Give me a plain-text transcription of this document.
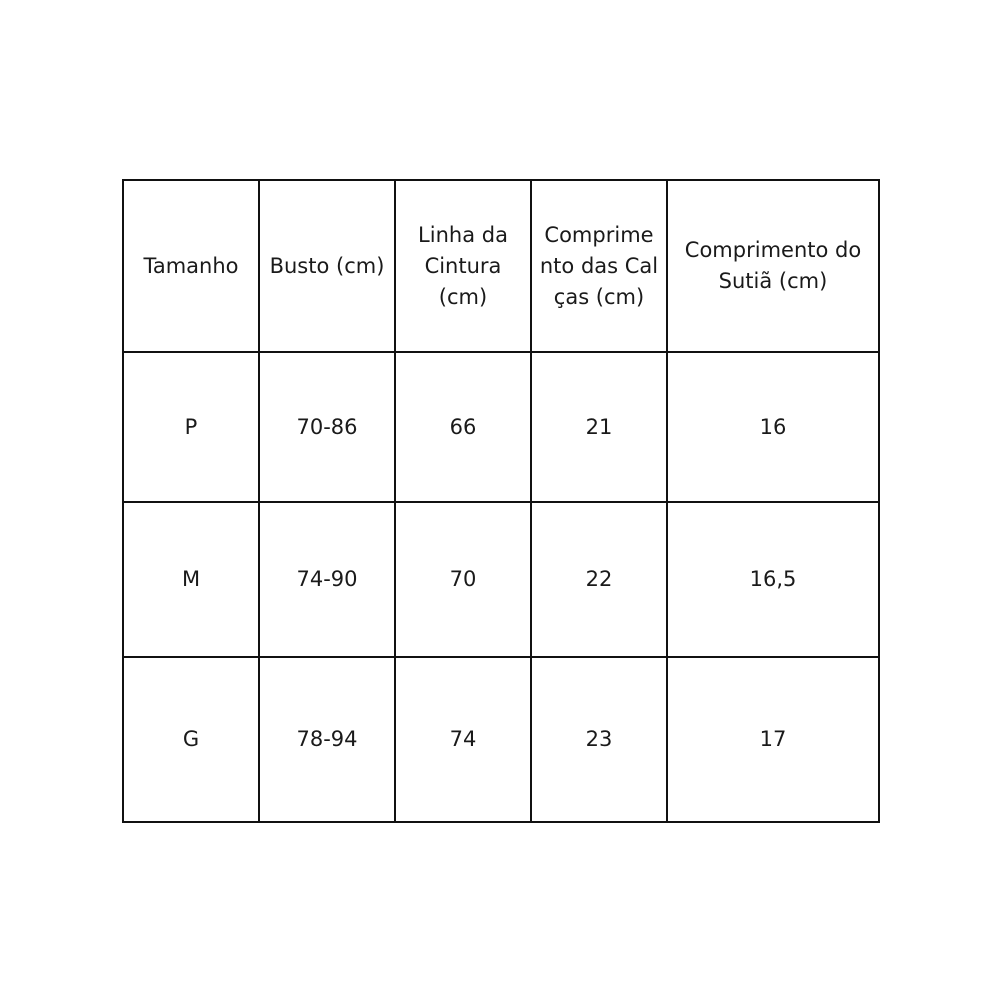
Tamanho	Busto (cm)	Linha da Cintura (cm)	Comprimento das Calças (cm)	Comprimento do Sutiã (cm)

P	70-86	66	21	16
M	74-90	70	22	16,5
G	78-94	74	23	17
